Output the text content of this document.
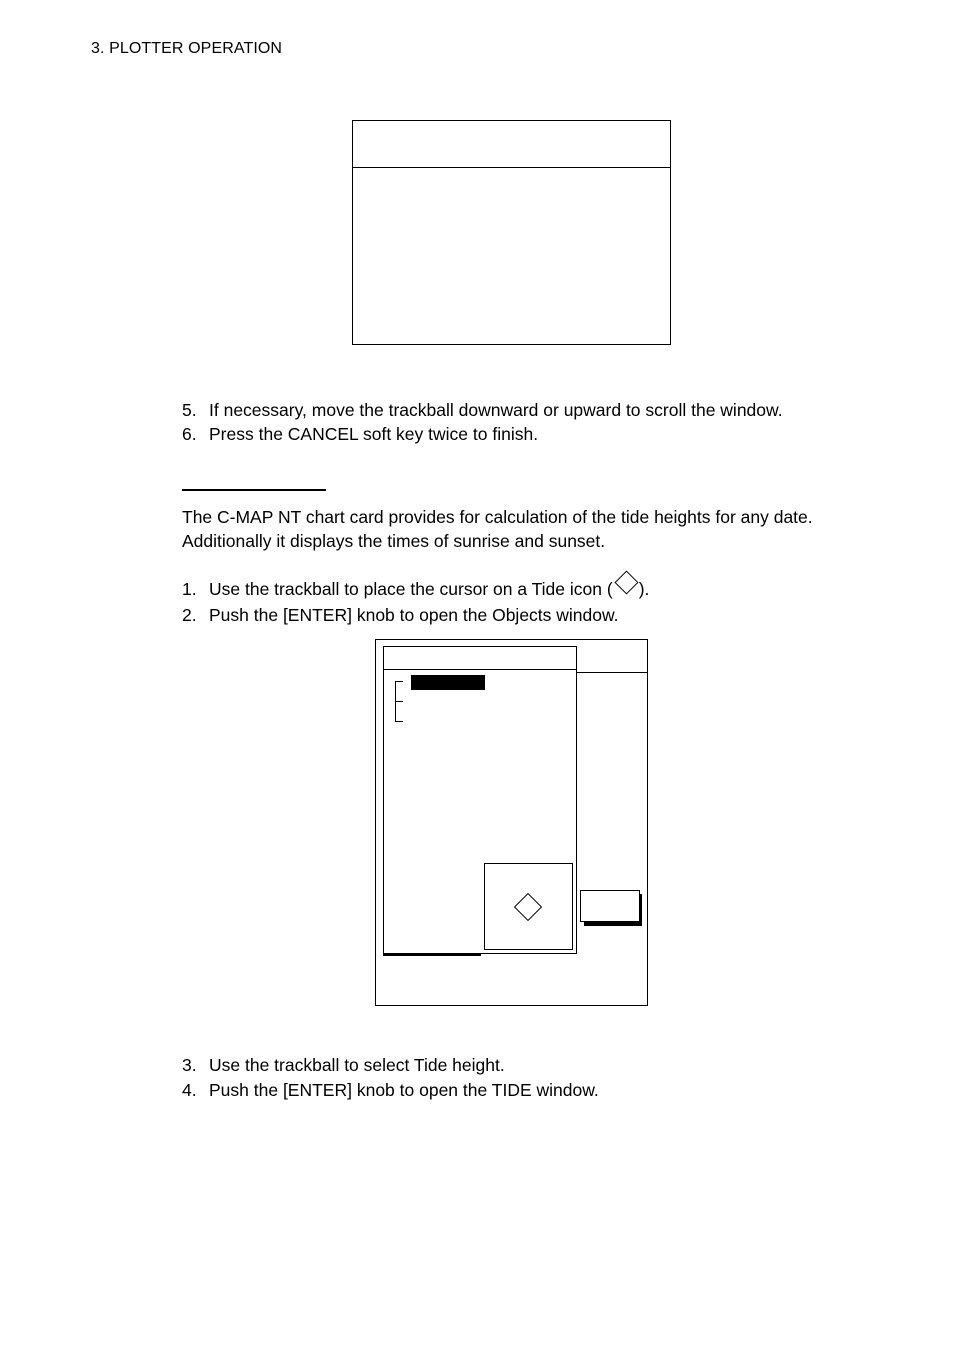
3. PLOTTER OPERATION
5. If necessary, move the trackball downward or upward to scroll the window.
6. Press the CANCEL soft key twice to finish.
The C-MAP NT chart card provides for calculation of the tide heights for any date. Additionally it displays the times of sunrise and sunset.
1. Use the trackball to place the cursor on a Tide icon ( ).
2. Push the [ENTER] knob to open the Objects window.
3. Use the trackball to select Tide height.
4. Push the [ENTER] knob to open the TIDE window.
